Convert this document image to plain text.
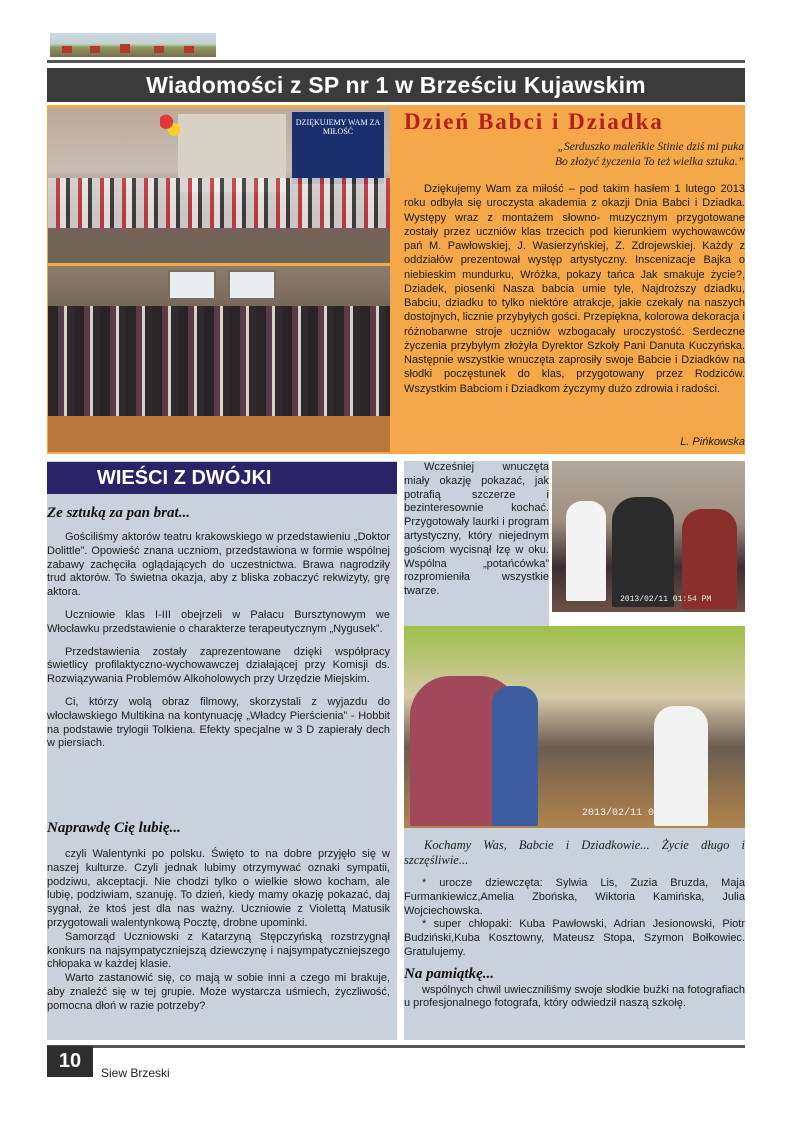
Wiadomości z SP nr 1 w Brześciu Kujawskim
DZIĘKUJEMY WAM ZA MIŁOŚĆ	Dzień Babci i Dziadka
„Serduszko maleńkie Stinie dziś mi puka
Bo złożyć życzenia To też wielka sztuka.”

Dziękujemy Wam za miłość – pod takim hasłem 1 lutego 2013 roku odbyła się uroczysta akademia z okazji Dnia Babci i Dziadka. Występy wraz z montażem słowno- muzycznym przygotowane zostały przez uczniów klas trzecich pod kierunkiem wychowawców pań M. Pawłowskiej, J. Wasierzyńskiej, Z. Zdrojewskiej. Każdy z oddziałów prezentował występ artystyczny. Inscenizacje Bajka o niebieskim mundurku, Wróżka, pokazy tańca Jak smakuje życie?, Dziadek, piosenki Nasza babcia umie tyle, Najdroższy dziadku, Babciu, dziadku to tylko niektóre atrakcje, jakie czekały na naszych dostojnych, licznie przybyłych gości. Przepiękna, kolorowa dekoracja i różnobarwne stroje uczniów wzbogacały uroczystość. Serdeczne życzenia przybyłym złożyła Dyrektor Szkoły Pani Danuta Kuczyńska. Następnie wszystkie wnuczęta zaprosiły swoje Babcie i Dziadków na słodki poczęstunek do klas, przygotowany przez Rodziców. Wszystkim Babciom i Dziadkom życzymy dużo zdrowia i radości.

L. Pińkowska
WIEŚCI Z DWÓJKI
Ze sztuką za pan brat...

Gościliśmy aktorów teatru krakowskiego w przedstawieniu „Doktor Dolittle”. Opowieść znana uczniom, przedstawiona w formie wspólnej zabawy zachęciła oglądających do uczestnictwa. Brawa nagrodziły trud aktorów. To świetna okazja, aby z bliska zobaczyć rekwizyty, grę aktora.

Uczniowie klas I-III obejrzeli w Pałacu Bursztynowym we Włocławku przedstawienie o charakterze terapeutycznym „Nygusek”.

Przedstawienia zostały zaprezentowane dzięki współpracy świetlicy profilaktyczno-wychowawczej działającej przy Komisji ds. Rozwiązywania Problemów Alkoholowych przy Urzędzie Miejskim.

Ci, którzy wolą obraz filmowy, skorzystali z wyjazdu do włocławskiego Multikina na kontynuację „Władcy Pierścienia” - Hobbit na podstawie trylogii Tolkiena. Efekty specjalne w 3 D zapierały dech w piersiach.

Naprawdę Cię lubię...

czyli Walentynki po polsku. Święto to na dobre przyjęło się w naszej kulturze. Czyli jednak lubimy otrzymywać oznaki sympatii, podziwu, akceptacji. Nie chodzi tylko o wielkie słowo kocham, ale lubię, podziwiam, szanuję. To dzień, kiedy mamy okazję pokazać, daj sygnał, że ktoś jest dla nas ważny. Uczniowie z Violettą Matusik przygotowali walentynkową Pocztę, drobne upominki.

Samorząd Uczniowski z Katarzyną Stępczyńską rozstrzygnął konkurs na najsympatyczniejszą dziewczynę i najsympatyczniejszego chłopaka w każdej klasie.

Warto zastanowić się, co mają w sobie inni a czego mi brakuje, aby znaleźć się w tej grupie. Może wystarcza uśmiech, życzliwość, pomocna dłoń w razie potrzeby?

Wcześniej wnuczęta miały okazję pokazać, jak potrafią szczerze i bezinteresownie kochać. Przygotowały laurki i program artystyczny, który niejednym gościom wycisnął łzę w oku. Wspólna „potańcówka” rozpromieniła wszystkie twarze.

2013/02/11 01:54 PM
2013/02/11 01:56 PM

Kochamy Was, Babcie i Dziadkowie... Życie długo i szczęśliwie...

* urocze dziewczęta: Sylwia Lis, Zuzia Bruzda, Maja Furmankiewicz,Amelia Zbońska, Wiktoria Kamińska, Julia Wojciechowska.

* super chłopaki: Kuba Pawłowski, Adrian Jesionowski, Piotr Budziński,Kuba Kosztowny, Mateusz Stopa, Szymon Bołkowiec. Gratulujemy.

Na pamiątkę...

wspólnych chwil uwieczniliśmy swoje słodkie buźki na fotografiach u profesjonalnego fotografa, który odwiedził naszą szkołę.

10
Siew Brzeski
